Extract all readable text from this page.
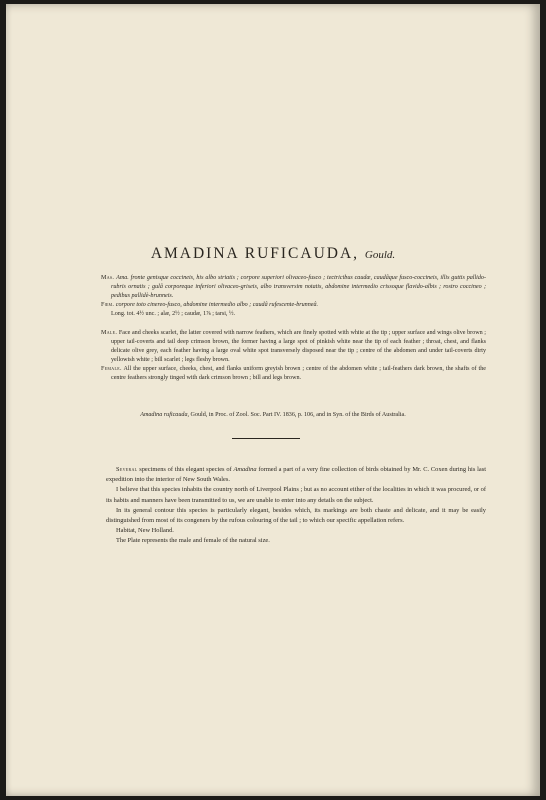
AMADINA RUFICAUDA, Gould.

Mas. Ama. fronte genisque coccineis, his albo striatis ; corpore superiori olivaceo-fusco ; tectricibus caudæ, caudâque fusco-coccineis, illis guttis pallido-rubris ornatis ; gulâ corporeque inferiori olivaceo-griseis, albo transversim notatis, abdomine intermedio crissoque flavido-albis ; rostro coccineo ; pedibus pallidè-brunneis.

Fœm. corpore toto cinereo-fusco, abdomine intermedio albo ; caudâ rufescente-brunneâ.

Long. tot. 4½ unc. ; alæ, 2½ ; caudæ, 1⅞ ; tarsi, ½.

Male. Face and cheeks scarlet, the latter covered with narrow feathers, which are finely spotted with white at the tip ; upper surface and wings olive brown ; upper tail-coverts and tail deep crimson brown, the former having a large spot of pinkish white near the tip of each feather ; throat, chest, and flanks delicate olive grey, each feather having a large oval white spot transversely disposed near the tip ; centre of the abdomen and under tail-coverts dirty yellowish white ; bill scarlet ; legs fleshy brown.

Female. All the upper surface, cheeks, chest, and flanks uniform greyish brown ; centre of the abdomen white ; tail-feathers dark brown, the shafts of the centre feathers strongly tinged with dark crimson brown ; bill and legs brown.

Amadina ruficauda, Gould, in Proc. of Zool. Soc. Part IV. 1836, p. 106, and in Syn. of the Birds of Australia.

Several specimens of this elegant species of Amadina formed a part of a very fine collection of birds obtained by Mr. C. Coxen during his last expedition into the interior of New South Wales.

I believe that this species inhabits the country north of Liverpool Plains ; but as no account either of the localities in which it was procured, or of its habits and manners have been transmitted to us, we are unable to enter into any details on the subject.

In its general contour this species is particularly elegant, besides which, its markings are both chaste and delicate, and it may be easily distinguished from most of its congeners by the rufous colouring of the tail ; to which our specific appellation refers.

Habitat, New Holland.

The Plate represents the male and female of the natural size.
